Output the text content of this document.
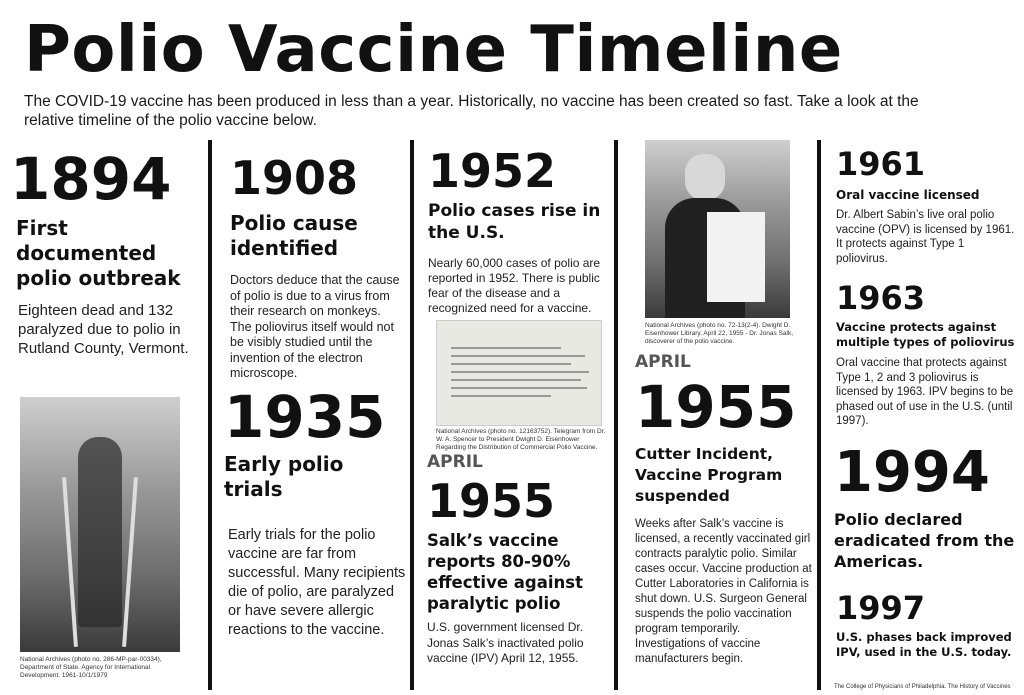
Polio Vaccine Timeline
The COVID-19 vaccine has been produced in less than a year. Historically, no vaccine has been created so fast. Take a look at the relative timeline of the polio vaccine below.
1894
First documented polio outbreak
Eighteen dead and 132 paralyzed due to polio in Rutland County, Vermont.
National Archives (photo no. 286-MP-par-00334), Department of State. Agency for International Development. 1961-10/1/1979
1908
Polio cause identified
Doctors deduce that the cause of polio is due to a virus from their research on monkeys. The poliovirus itself would not be visibly studied until the invention of the electron microscope.
1935
Early polio trials
Early trials for the polio vaccine are far from successful. Many recipients die of polio, are paralyzed or have severe allergic reactions to the vaccine.
1952
Polio cases rise in the U.S.
Nearly 60,000 cases of polio are reported in 1952. There is public fear of the disease and a recognized need for a vaccine.
National Archives (photo no. 12163752). Telegram from Dr. W. A. Spencer to President Dwight D. Eisenhower Regarding the Distribution of Commercial Polio Vaccine.
APRIL
1955
Salk’s vaccine reports 80-90% effective against paralytic polio
U.S. government licensed Dr. Jonas Salk’s inactivated polio vaccine (IPV) April 12, 1955.
National Archives (photo no. 72-13(2-4). Dwight D. Eisenhower Library. April 22, 1955 - Dr. Jonas Salk, discoverer of the polio vaccine.
APRIL
1955
Cutter Incident, Vaccine Program suspended
Weeks after Salk’s vaccine is licensed, a recently vaccinated girl contracts paralytic polio. Similar cases occur. Vaccine production at Cutter Laboratories in California is shut down. U.S. Surgeon General suspends the polio vaccination program temporarily. Investigations of vaccine manufacturers begin.
1961
Oral vaccine licensed
Dr. Albert Sabin’s live oral polio vaccine (OPV) is licensed by 1961. It protects against Type 1 poliovirus.
1963
Vaccine protects against multiple types of poliovirus
Oral vaccine that protects against Type 1, 2 and 3 poliovirus is licensed by 1963. IPV begins to be phased out of use in the U.S. (until 1997).
1994
Polio declared eradicated from the Americas.
1997
U.S. phases back improved IPV, used in the U.S. today.
The College of Physicians of Philadelphia. The History of Vaccines
